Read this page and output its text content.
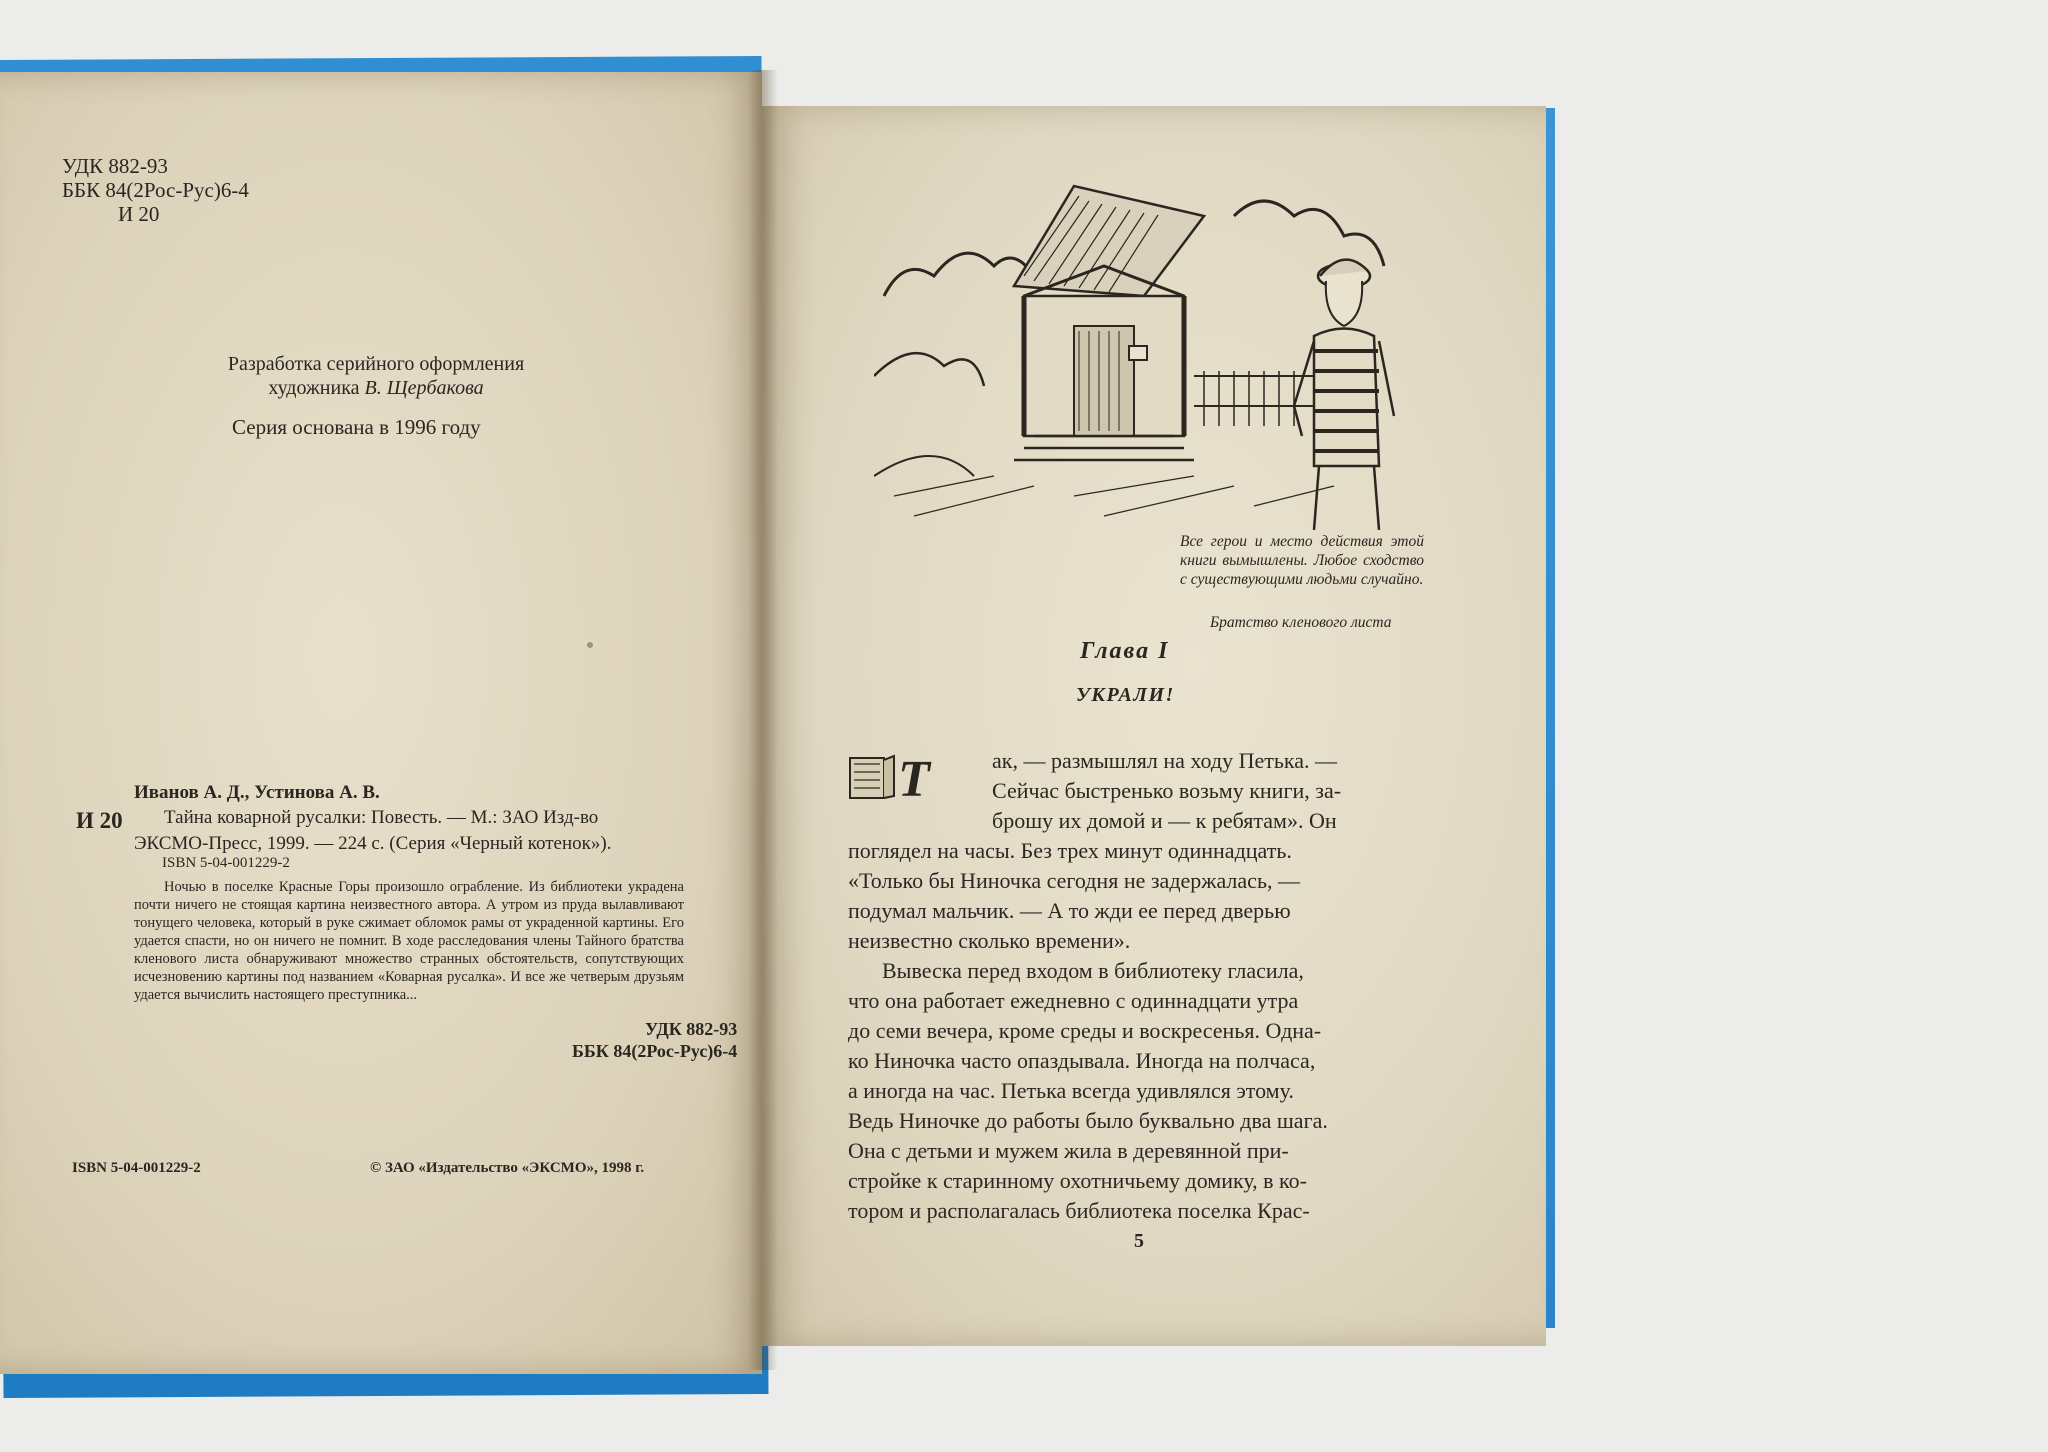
УДК 882-93
ББК 84(2Рос-Рус)6-4
И 20
Разработка серийного оформления
художника В. Щербакова
Серия основана в 1996 году
И 20
Иванов А. Д., Устинова А. В.
Тайна коварной русалки: Повесть. — М.: ЗАО Изд-во
ЭКСМО-Пресс, 1999. — 224 с. (Серия «Черный котенок»).
ISBN 5-04-001229-2
Ночью в поселке Красные Горы произошло ограбление. Из библиотеки украдена почти ничего не стоящая картина неизвестного автора. А утром из пруда вылавливают тонущего человека, который в руке сжимает обломок рамы от украденной картины. Его удается спасти, но он ничего не помнит. В ходе расследования члены Тайного братства кленового листа обнаруживают множество странных обстоятельств, сопутствующих исчезновению картины под названием «Коварная русалка». И все же четверым друзьям удается вычислить настоящего преступника...
УДК 882-93
ББК 84(2Рос-Рус)6-4
ISBN 5-04-001229-2	© ЗАО «Издательство «ЭКСМО», 1998 г.
Все герои и место действия этой книги вымышлены. Любое сходство с существующими людьми случайно.
Братство кленового листа
Глава I
УКРАЛИ!
Т	ак, — размышлял на ходу Петька. —
Сейчас быстренько возьму книги, за-
брошу их домой и — к ребятам». Он
поглядел на часы. Без трех минут одиннадцать.
«Только бы Ниночка сегодня не задержалась, —
подумал мальчик. — А то жди ее перед дверью
неизвестно сколько времени».
Вывеска перед входом в библиотеку гласила,
что она работает ежедневно с одиннадцати утра
до семи вечера, кроме среды и воскресенья. Одна-
ко Ниночка часто опаздывала. Иногда на полчаса,
а иногда на час. Петька всегда удивлялся этому.
Ведь Ниночке до работы было буквально два шага.
Она с детьми и мужем жила в деревянной при-
стройке к старинному охотничьему домику, в ко-
тором и располагалась библиотека поселка Крас-
5
